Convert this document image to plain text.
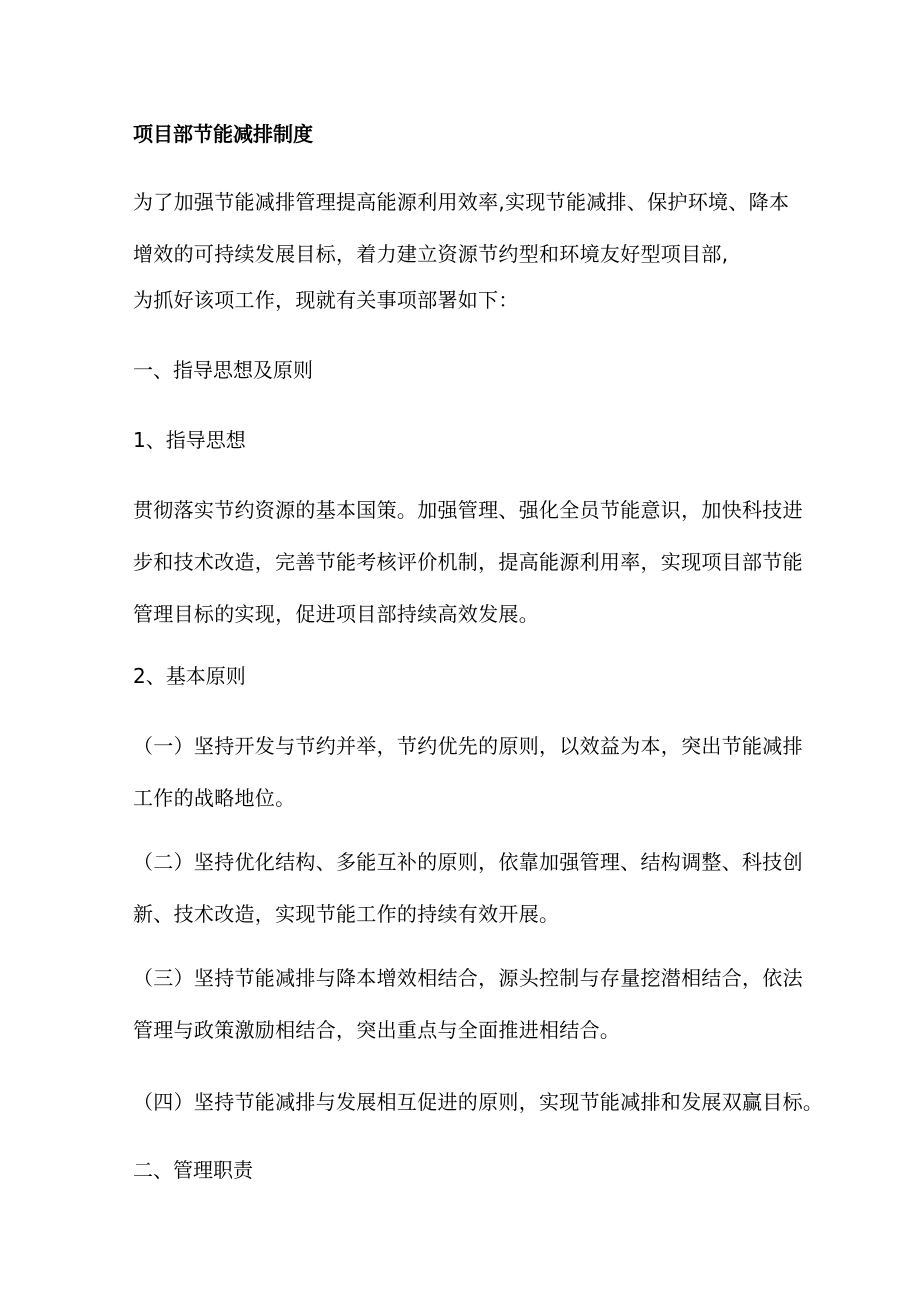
项目部节能减排制度
为了加强节能减排管理提高能源利用效率,实现节能减排、保护环境、降本
增效的可持续发展目标，着力建立资源节约型和环境友好型项目部,
为抓好该项工作，现就有关事项部署如下：
一、指导思想及原则
1、指导思想
贯彻落实节约资源的基本国策。加强管理、强化全员节能意识，加快科技进
步和技术改造，完善节能考核评价机制，提高能源利用率，实现项目部节能
管理目标的实现，促进项目部持续高效发展。
2、基本原则
（一）坚持开发与节约并举，节约优先的原则，以效益为本，突出节能减排
工作的战略地位。
（二）坚持优化结构、多能互补的原则，依靠加强管理、结构调整、科技创
新、技术改造，实现节能工作的持续有效开展。
（三）坚持节能减排与降本增效相结合，源头控制与存量挖潜相结合，依法
管理与政策激励相结合，突出重点与全面推进相结合。
（四）坚持节能减排与发展相互促进的原则，实现节能减排和发展双赢目标。
二、管理职责
